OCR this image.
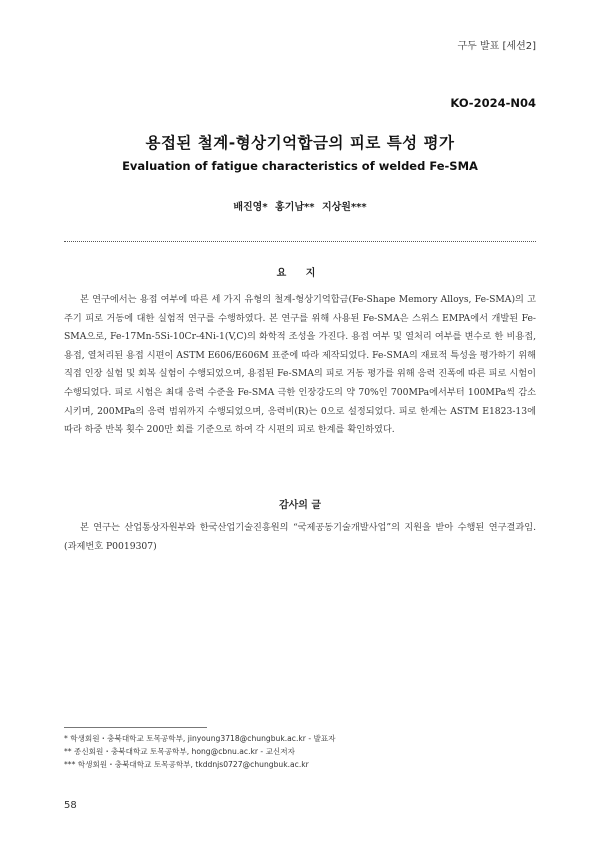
구두 발표 [세션2]
KO-2024-N04
용접된 철계-형상기억합금의 피로 특성 평가
Evaluation of fatigue characteristics of welded Fe-SMA
배진영* 홍기남** 지상원***
요 지
본 연구에서는 용접 여부에 따른 세 가지 유형의 철계-형상기억합금(Fe-Shape Memory Alloys, Fe-SMA)의 고주기 피로 거동에 대한 실험적 연구를 수행하였다. 본 연구를 위해 사용된 Fe-SMA은 스위스 EMPA에서 개발된 Fe-SMA으로, Fe-17Mn-5Si-10Cr-4Ni-1(V,C)의 화학적 조성을 가진다. 용접 여부 및 열처리 여부를 변수로 한 비용접, 용접, 열처리된 용접 시편이 ASTM E606/E606M 표준에 따라 제작되었다. Fe-SMA의 재료적 특성을 평가하기 위해 직접 인장 실험 및 회복 실험이 수행되었으며, 용접된 Fe-SMA의 피로 거동 평가를 위해 응력 진폭에 따른 피로 시험이 수행되었다. 피로 시험은 최대 응력 수준을 Fe-SMA 극한 인장강도의 약 70%인 700MPa에서부터 100MPa씩 감소시키며, 200MPa의 응력 범위까지 수행되었으며, 응력비(R)는 0으로 설정되었다. 피로 한계는 ASTM E1823-13에 따라 하중 반복 횟수 200만 회를 기준으로 하여 각 시편의 피로 한계를 확인하였다.
감사의 글
본 연구는 산업통상자원부와 한국산업기술진흥원의 “국제공동기술개발사업”의 지원을 받아 수행된 연구결과임. (과제번호 P0019307)
* 학생회원・충북대학교 토목공학부, jinyoung3718@chungbuk.ac.kr - 발표자
** 종신회원・충북대학교 토목공학부, hong@cbnu.ac.kr - 교신저자
*** 학생회원・충북대학교 토목공학부, tkddnjs0727@chungbuk.ac.kr
58
